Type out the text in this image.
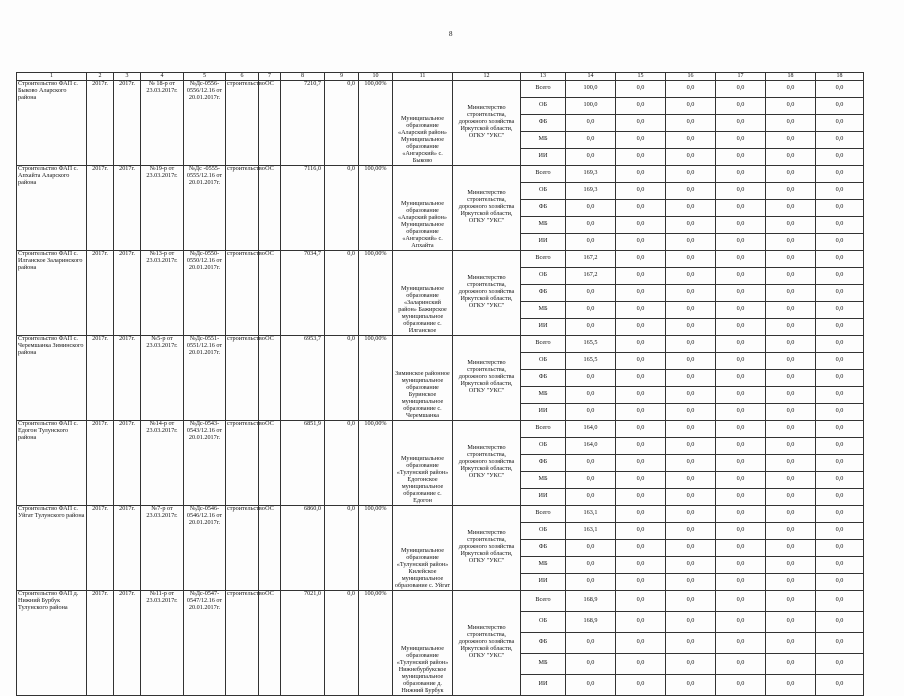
8
1	2	3	4	5	6	7	8	9	10	11	12	13	14	15	16	17	18	18
Строительство ФАП с. Быково Аларского района	2017г.	2017г.	№ 18-р от 23.03.2017г.	№Дс-0556-0556/12.16 от 20.01.2017г.	строительство	ОС	7210,7	0,0	100,00%	Муниципальное образование «Аларский район» Муниципальное образование «Ангарский» с. Быково	Министерство строительства, дорожного хозяйства Иркутской области, ОГКУ "УКС"	Всего	100,0	0,0	0,0	0,0	0,0	0,0
												ОБ	100,0	0,0	0,0	0,0	0,0	0,0
												ФБ	0,0	0,0	0,0	0,0	0,0	0,0
												МБ	0,0	0,0	0,0	0,0	0,0	0,0
												ИИ	0,0	0,0	0,0	0,0	0,0	0,0
Строительство ФАП с. Апхайта Аларского района	2017г.	2017г.	№19-р от 23.03.2017г.	№Дс -0555-0555/12.16 от 20.01.2017г.	строительство	ОС	7116,0	0,0	100,00%	Муниципальное образование «Аларский район» Муниципальное образование «Ангарский» с. Апхайта	Министерство строительства, дорожного хозяйства Иркутской области, ОГКУ "УКС"	Всего	169,3	0,0	0,0	0,0	0,0	0,0
												ОБ	169,3	0,0	0,0	0,0	0,0	0,0
												ФБ	0,0	0,0	0,0	0,0	0,0	0,0
												МБ	0,0	0,0	0,0	0,0	0,0	0,0
												ИИ	0,0	0,0	0,0	0,0	0,0	0,0
Строительство ФАП с. Илганское Заларинского района	2017г.	2017г.	№13-р от 23.03.2017г.	№Дс-0550-0550/12.16 от 20.01.2017г.	строительство	ОС	7034,7	0,0	100,00%	Муниципальное образование «Заларинский район» Бажирское муниципальное образование с. Илганское	Министерство строительства, дорожного хозяйства Иркутской области, ОГКУ "УКС"	Всего	167,2	0,0	0,0	0,0	0,0	0,0
												ОБ	167,2	0,0	0,0	0,0	0,0	0,0
												ФБ	0,0	0,0	0,0	0,0	0,0	0,0
												МБ	0,0	0,0	0,0	0,0	0,0	0,0
												ИИ	0,0	0,0	0,0	0,0	0,0	0,0
Строительство ФАП с. Черемшанка Зиминского района	2017г.	2017г.	№5-р от 23.03.2017г.	№Дс-0551-0551/12.16 от 20.01.2017г.	строительство	ОС	6953,7	0,0	100,00%	Зиминское районное муниципальное образование Буринское муниципальное образование с. Черемшанка	Министерство строительства, дорожного хозяйства Иркутской области, ОГКУ "УКС"	Всего	165,5	0,0	0,0	0,0	0,0	0,0
												ОБ	165,5	0,0	0,0	0,0	0,0	0,0
												ФБ	0,0	0,0	0,0	0,0	0,0	0,0
												МБ	0,0	0,0	0,0	0,0	0,0	0,0
												ИИ	0,0	0,0	0,0	0,0	0,0	0,0
Строительство ФАП с. Едогон Тулунского района	2017г.	2017г.	№14-р от 23.03.2017г.	№Дс-0543-0543/12.16 от 20.01.2017г.	строительство	ОС	6851,9	0,0	100,00%	Муниципальное образование «Тулунский район» Едогонское муниципальное образование с. Едогон	Министерство строительства, дорожного хозяйства Иркутской области, ОГКУ "УКС"	Всего	164,0	0,0	0,0	0,0	0,0	0,0
												ОБ	164,0	0,0	0,0	0,0	0,0	0,0
												ФБ	0,0	0,0	0,0	0,0	0,0	0,0
												МБ	0,0	0,0	0,0	0,0	0,0	0,0
												ИИ	0,0	0,0	0,0	0,0	0,0	0,0
Строительство ФАП с. Уйгат Тулунского района	2017г.	2017г.	№7-р от 23.03.2017г.	№Дс-0546-0546/12.16 от 20.01.2017г.	строительство	ОС	6860,0	0,0	100,00%	Муниципальное образование «Тулунский район» Килейское муниципальное образование с. Уйгат	Министерство строительства, дорожного хозяйства Иркутской области, ОГКУ "УКС"	Всего	163,1	0,0	0,0	0,0	0,0	0,0
												ОБ	163,1	0,0	0,0	0,0	0,0	0,0
												ФБ	0,0	0,0	0,0	0,0	0,0	0,0
												МБ	0,0	0,0	0,0	0,0	0,0	0,0
												ИИ	0,0	0,0	0,0	0,0	0,0	0,0
Строительство ФАП д. Нижний Бурбук Тулунского района	2017г.	2017г.	№11-р от 23.03.2017г.	№Дс-0547-0547/12.16 от 20.01.2017г.	строительство	ОС	7021,0	0,0	100,00%	Муниципальное образование «Тулунский район» Нижнебурбукское муниципальное образование д. Нижний Бурбук	Министерство строительства, дорожного хозяйства Иркутской области, ОГКУ "УКС"	Всего	168,9	0,0	0,0	0,0	0,0	0,0
												ОБ	168,9	0,0	0,0	0,0	0,0	0,0
												ФБ	0,0	0,0	0,0	0,0	0,0	0,0
												МБ	0,0	0,0	0,0	0,0	0,0	0,0
												ИИ	0,0	0,0	0,0	0,0	0,0	0,0
